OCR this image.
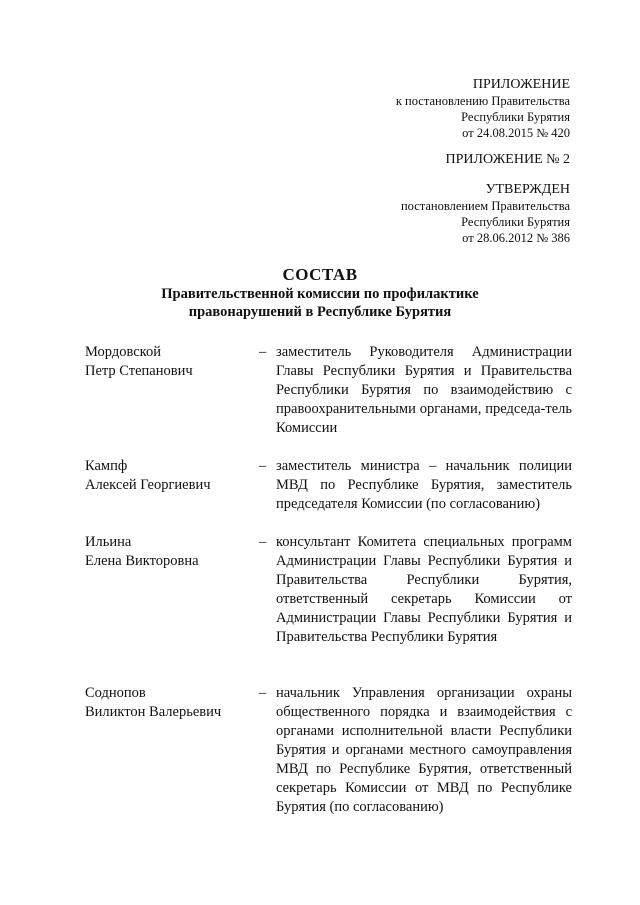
ПРИЛОЖЕНИЕ
к постановлению Правительства
Республики Бурятия
от 24.08.2015 № 420
ПРИЛОЖЕНИЕ № 2
УТВЕРЖДЕН
постановлением Правительства
Республики Бурятия
от 28.06.2012 № 386
СОСТАВ
Правительственной комиссии по профилактике
правонарушений в Республике Бурятия
Мордовской
Петр Степанович
– заместитель Руководителя Администрации Главы Республики Бурятия и Правительства Республики Бурятия по взаимодействию с правоохранительными органами, председа-тель Комиссии
Кампф
Алексей Георгиевич
– заместитель министра – начальник полиции МВД по Республике Бурятия, заместитель председателя Комиссии (по согласованию)
Ильина
Елена Викторовна
– консультант Комитета специальных программ Администрации Главы Республики Бурятия и Правительства Республики Бурятия, ответственный секретарь Комиссии от Администрации Главы Республики Бурятия и Правительства Республики Бурятия
Соднопов
Виликтон Валерьевич
– начальник Управления организации охраны общественного порядка и взаимодействия с органами исполнительной власти Республики Бурятия и органами местного самоуправления МВД по Республике Бурятия, ответственный секретарь Комиссии от МВД по Республике Бурятия (по согласованию)
